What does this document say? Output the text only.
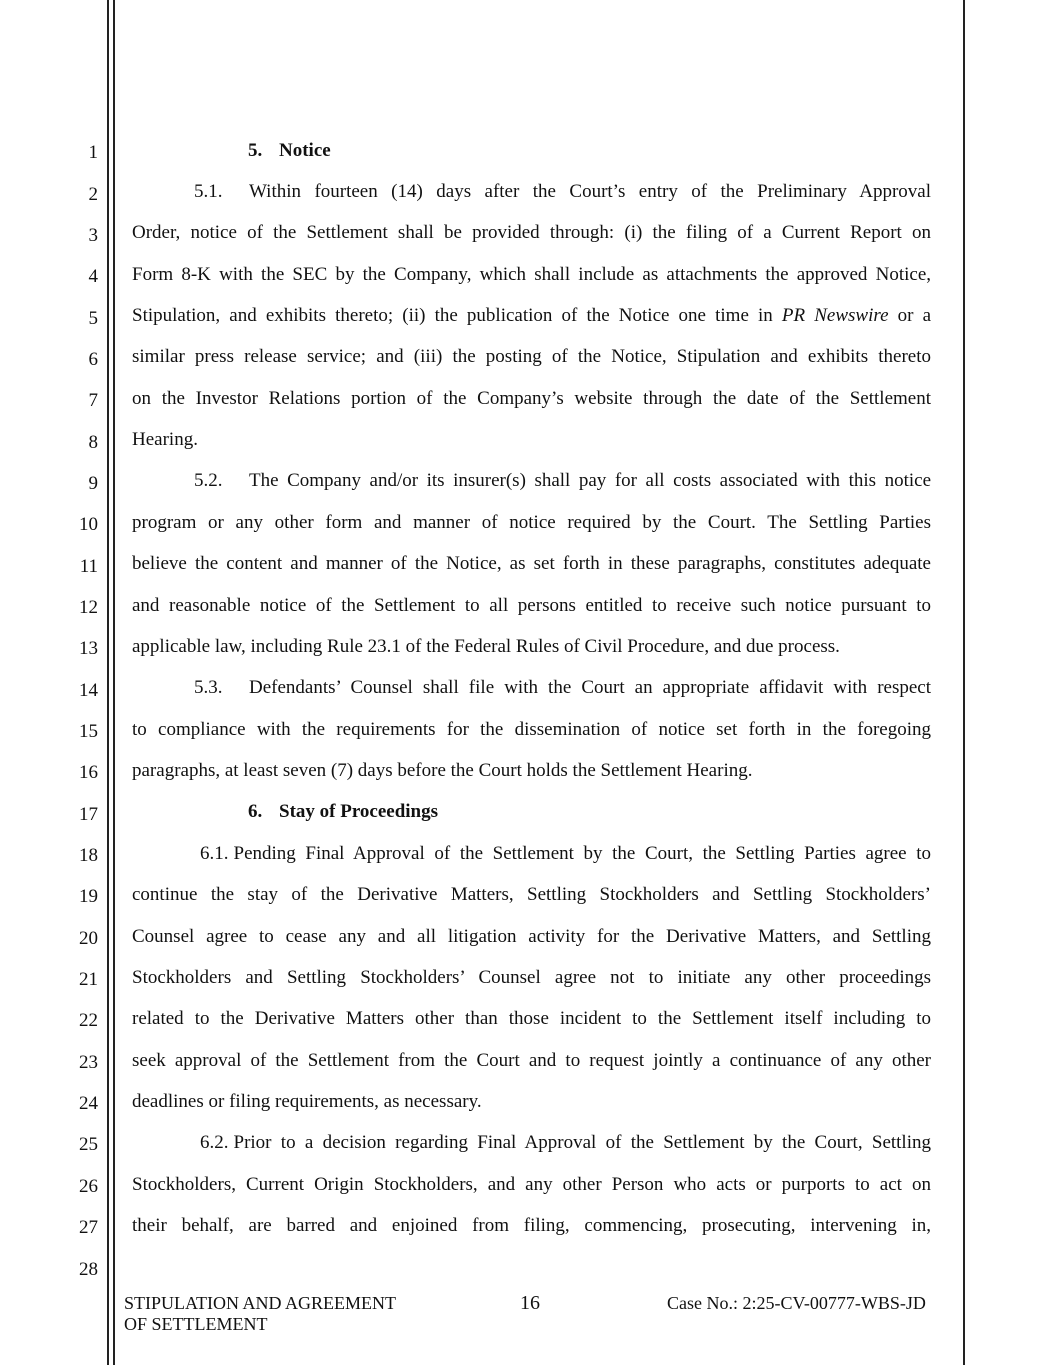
1
2
3
4
5
6
7
8
9
10
11
12
13
14
15
16
17
18
19
20
21
22
23
24
25
26
27
28
5. Notice
5.1. Within fourteen (14) days after the Court’s entry of the Preliminary Approval
Order, notice of the Settlement shall be provided through: (i) the filing of a Current Report on
Form 8-K with the SEC by the Company, which shall include as attachments the approved Notice,
Stipulation, and exhibits thereto; (ii) the publication of the Notice one time in PR Newswire or a
similar press release service; and (iii) the posting of the Notice, Stipulation and exhibits thereto
on the Investor Relations portion of the Company’s website through the date of the Settlement
Hearing.
5.2. The Company and/or its insurer(s) shall pay for all costs associated with this notice
program or any other form and manner of notice required by the Court. The Settling Parties
believe the content and manner of the Notice, as set forth in these paragraphs, constitutes adequate
and reasonable notice of the Settlement to all persons entitled to receive such notice pursuant to
applicable law, including Rule 23.1 of the Federal Rules of Civil Procedure, and due process.
5.3. Defendants’ Counsel shall file with the Court an appropriate affidavit with respect
to compliance with the requirements for the dissemination of notice set forth in the foregoing
paragraphs, at least seven (7) days before the Court holds the Settlement Hearing.
6. Stay of Proceedings
6.1. Pending Final Approval of the Settlement by the Court, the Settling Parties agree to
continue the stay of the Derivative Matters, Settling Stockholders and Settling Stockholders’
Counsel agree to cease any and all litigation activity for the Derivative Matters, and Settling
Stockholders and Settling Stockholders’ Counsel agree not to initiate any other proceedings
related to the Derivative Matters other than those incident to the Settlement itself including to
seek approval of the Settlement from the Court and to request jointly a continuance of any other
deadlines or filing requirements, as necessary.
6.2. Prior to a decision regarding Final Approval of the Settlement by the Court, Settling
Stockholders, Current Origin Stockholders, and any other Person who acts or purports to act on
their behalf, are barred and enjoined from filing, commencing, prosecuting, intervening in,
STIPULATION AND AGREEMENT
OF SETTLEMENT
16	Case No.: 2:25-CV-00777-WBS-JD
